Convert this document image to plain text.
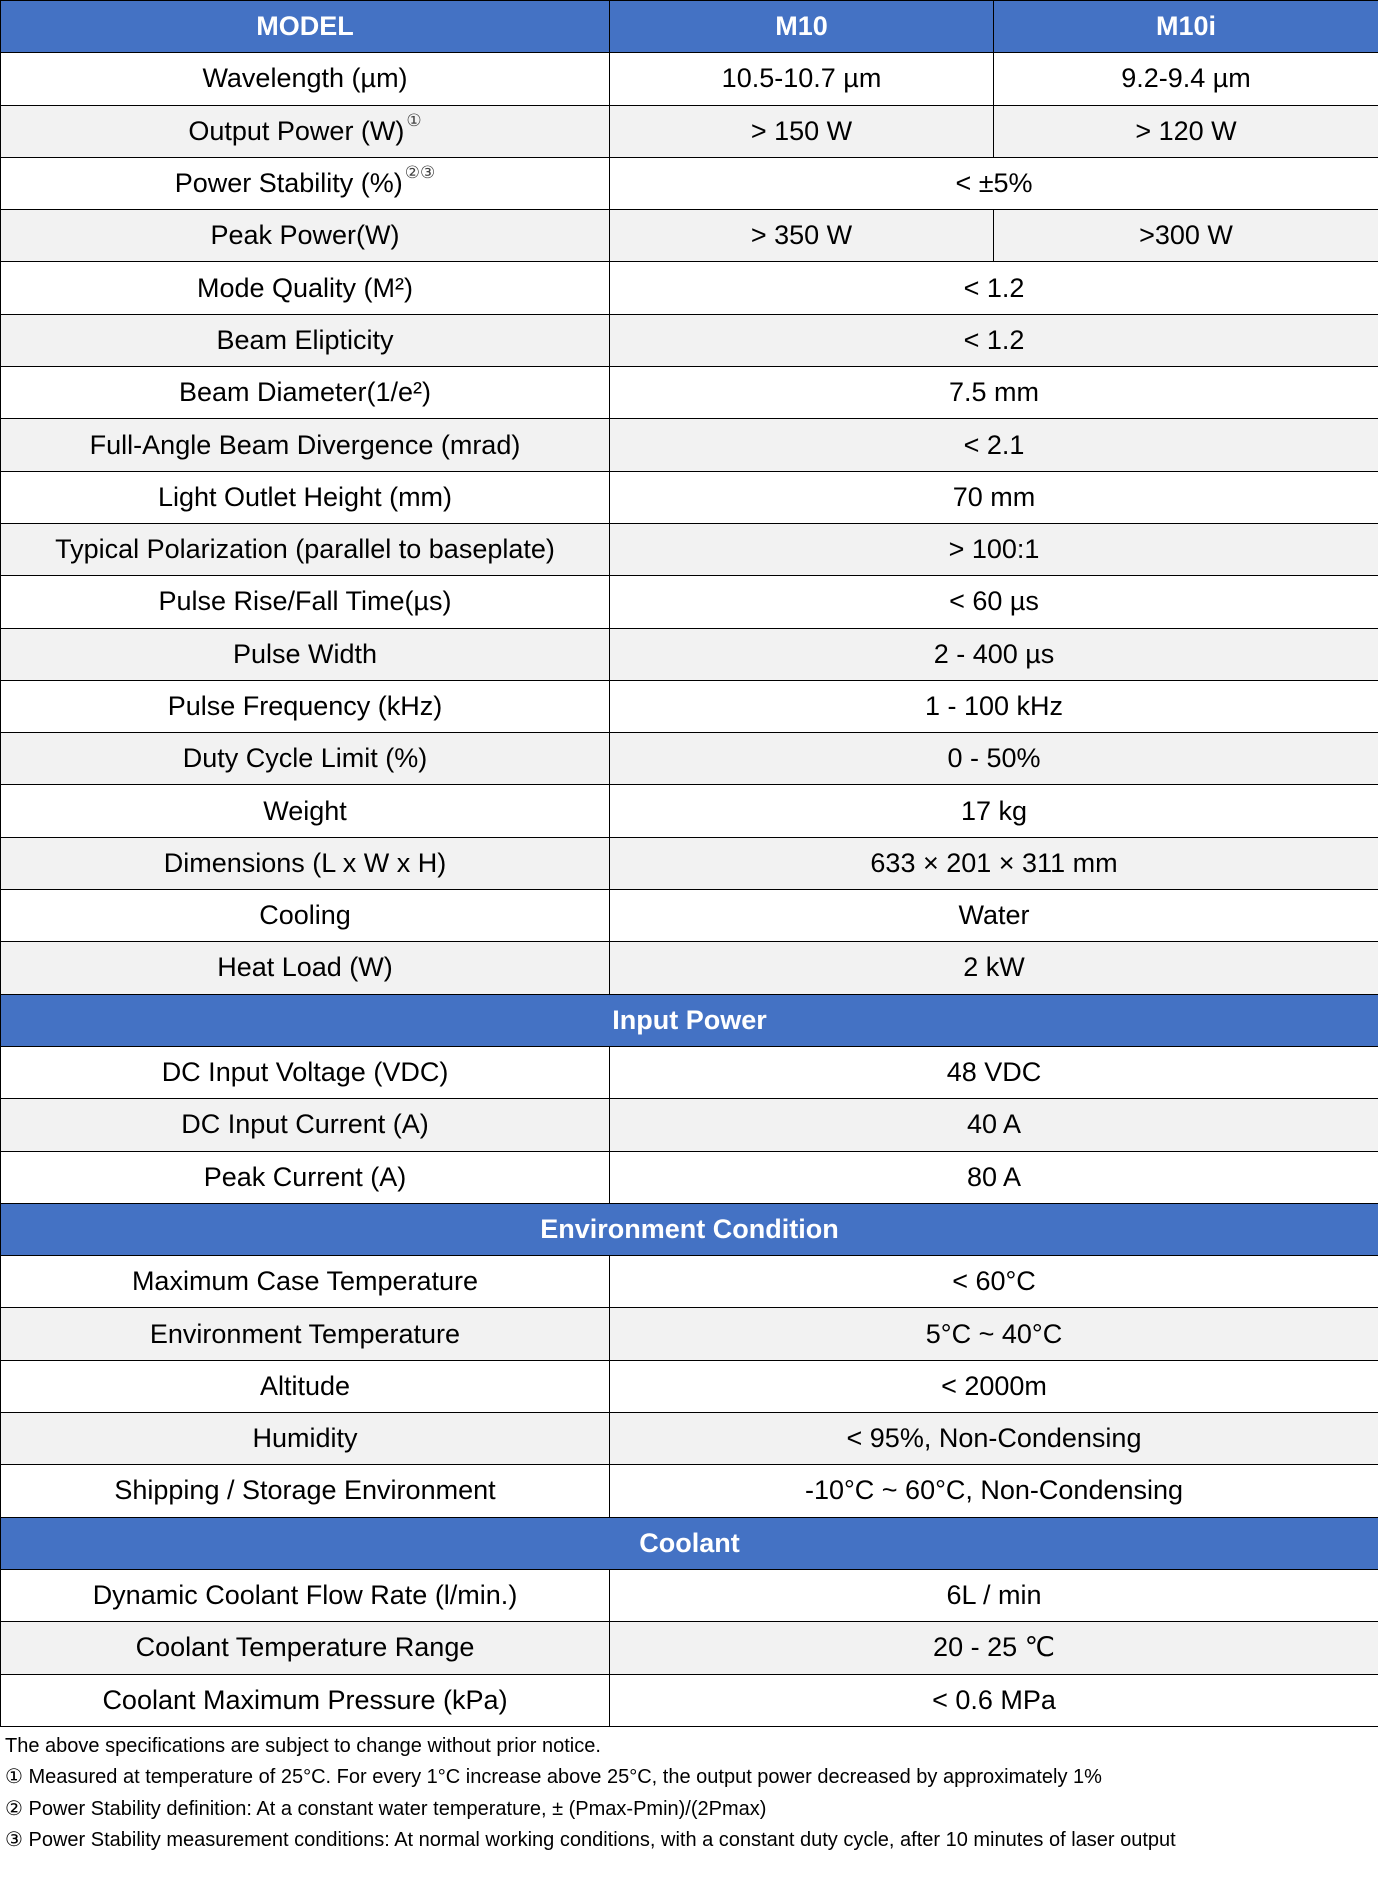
MODEL	M10	M10i
Wavelength (µm)	10.5-10.7 µm	9.2-9.4 µm
Output Power (W) ①	> 150 W	> 120 W
Power Stability (%) ②③	< ±5%	
Peak Power(W)	> 350 W	>300 W
Mode Quality (M²)	< 1.2	
Beam Elipticity	< 1.2	
Beam Diameter(1/e²)	7.5 mm	
Full-Angle Beam Divergence (mrad)	< 2.1	
Light Outlet Height (mm)	70 mm	
Typical Polarization (parallel to baseplate)	> 100:1	
Pulse Rise/Fall Time(µs)	< 60 µs	
Pulse Width	2 - 400 µs	
Pulse Frequency (kHz)	1 - 100 kHz	
Duty Cycle Limit (%)	0 - 50%	
Weight	17 kg	
Dimensions (L x W x H)	633 × 201 × 311 mm	
Cooling	Water	
Heat Load (W)	2 kW	
Input Power		
DC Input Voltage (VDC)	48 VDC	
DC Input Current (A)	40 A	
Peak Current (A)	80 A	
Environment Condition		
Maximum Case Temperature	< 60°C	
Environment Temperature	5°C ~ 40°C	
Altitude	< 2000m	
Humidity	< 95%, Non-Condensing	
Shipping / Storage Environment	-10°C ~ 60°C, Non-Condensing	
Coolant		
Dynamic Coolant Flow Rate (l/min.)	6L / min	
Coolant Temperature Range	20 - 25 ℃	
Coolant Maximum Pressure (kPa)	< 0.6 MPa	
The above specifications are subject to change without prior notice.
① Measured at temperature of 25°C. For every 1°C increase above 25°C, the output power decreased by approximately 1%
② Power Stability definition: At a constant water temperature, ± (Pmax-Pmin)/(2Pmax)
③ Power Stability measurement conditions: At normal working conditions, with a constant duty cycle, after 10 minutes of laser output
